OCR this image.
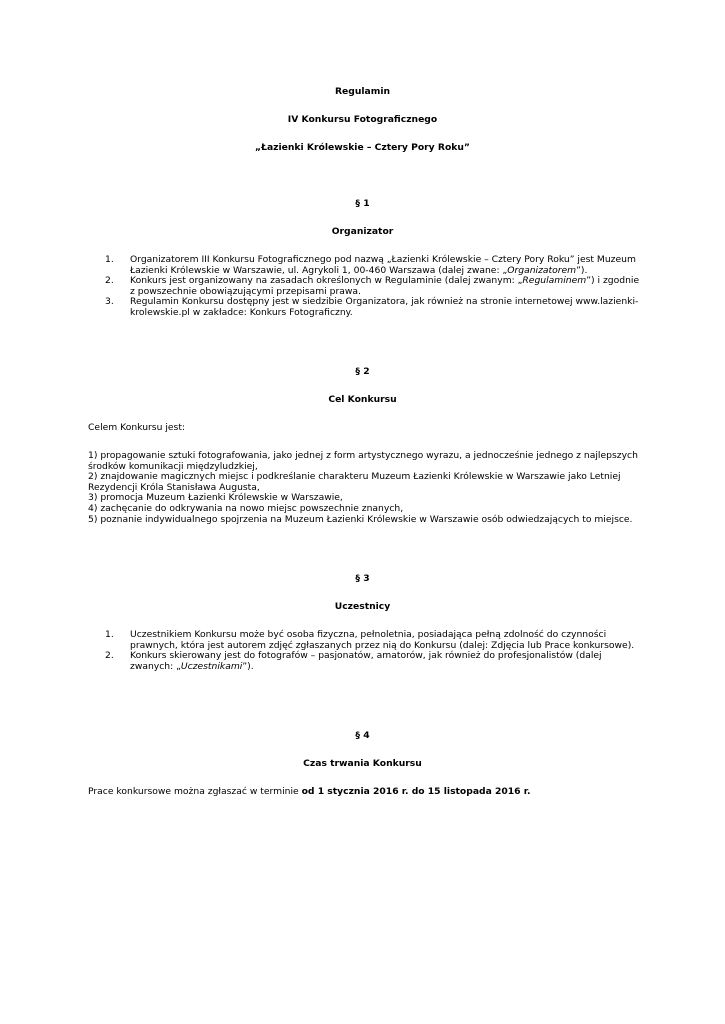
Regulamin
IV Konkursu Fotograficznego
„Łazienki Królewskie – Cztery Pory Roku”
§ 1
Organizator
1. Organizatorem III Konkursu Fotograficznego pod nazwą „Łazienki Królewskie – Cztery Pory Roku” jest Muzeum Łazienki Królewskie w Warszawie, ul. Agrykoli 1, 00-460 Warszawa (dalej zwane: „Organizatorem”).
2. Konkurs jest organizowany na zasadach określonych w Regulaminie (dalej zwanym: „Regulaminem”) i zgodnie z powszechnie obowiązującymi przepisami prawa.
3. Regulamin Konkursu dostępny jest w siedzibie Organizatora, jak również na stronie internetowej www.lazienki-krolewskie.pl w zakładce: Konkurs Fotograficzny.
§ 2
Cel Konkursu
Celem Konkursu jest:
1) propagowanie sztuki fotografowania, jako jednej z form artystycznego wyrazu, a jednocześnie jednego z najlepszych środków komunikacji międzyludzkiej,
2) znajdowanie magicznych miejsc i podkreślanie charakteru Muzeum Łazienki Królewskie w Warszawie jako Letniej Rezydencji Króla Stanisława Augusta,
3) promocja Muzeum Łazienki Królewskie w Warszawie,
4) zachęcanie do odkrywania na nowo miejsc powszechnie znanych,
5) poznanie indywidualnego spojrzenia na Muzeum Łazienki Królewskie w Warszawie osób odwiedzających to miejsce.
§ 3
Uczestnicy
1. Uczestnikiem Konkursu może być osoba fizyczna, pełnoletnia, posiadająca pełną zdolność do czynności prawnych, która jest autorem zdjęć zgłaszanych przez nią do Konkursu (dalej: Zdjęcia lub Prace konkursowe).
2. Konkurs skierowany jest do fotografów – pasjonatów, amatorów, jak również do profesjonalistów (dalej zwanych: „Uczestnikami”).
§ 4
Czas trwania Konkursu
Prace konkursowe można zgłaszać w terminie od 1 stycznia 2016 r. do 15 listopada 2016 r.
